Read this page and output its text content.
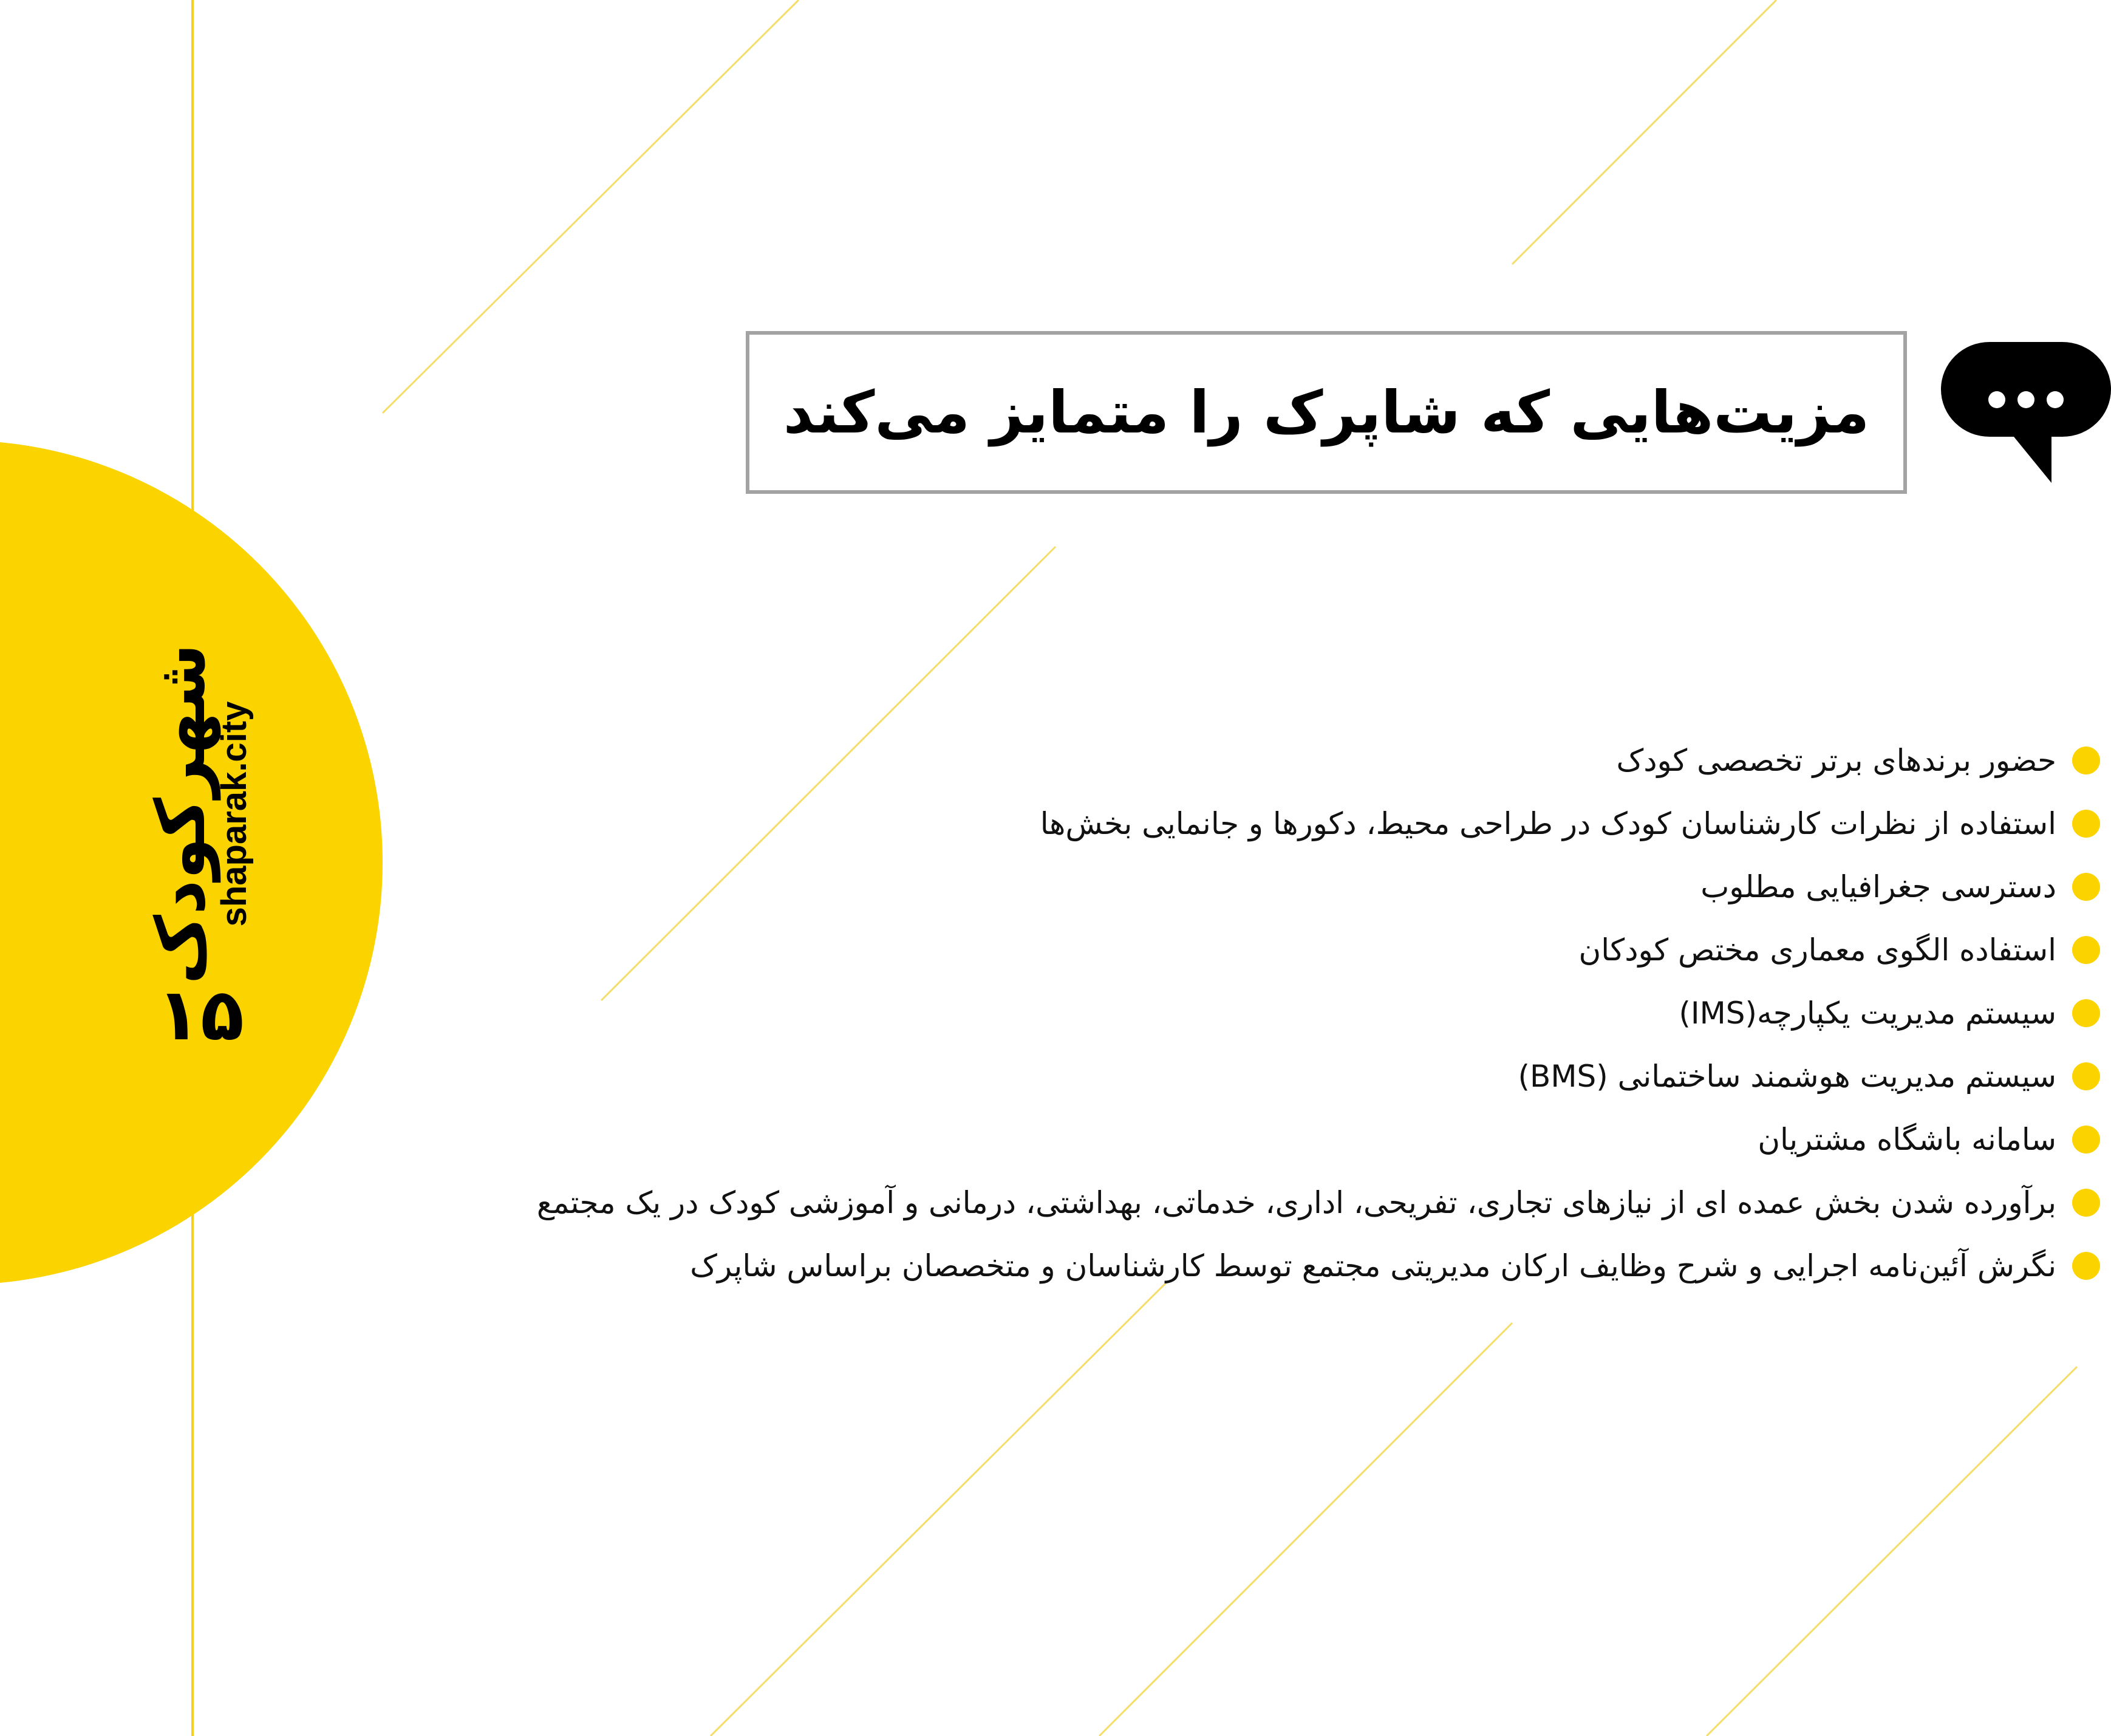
شهرکودک
shaparak.city
۱۵
مزیت‌هایی که شاپرک را متمایز می‌کند
حضور برندهای برتر تخصصی کودک
استفاده از نظرات کارشناسان کودک در طراحی محیط، دکورها و جانمایی بخش‌ها
دسترسی جغرافیایی مطلوب
استفاده الگوی معماری مختص کودکان
سیستم مدیریت یکپارچه(IMS)
سیستم مدیریت هوشمند ساختمانی (BMS)
سامانه باشگاه مشتریان
برآورده شدن بخش عمده ای از نیازهای تجاری، تفریحی، اداری، خدماتی، بهداشتی، درمانی و آموزشی کودک در یک مجتمع
نگرش آئین‌نامه اجرایی و شرح وظایف ارکان مدیریتی مجتمع توسط کارشناسان و متخصصان براساس شاپرک
